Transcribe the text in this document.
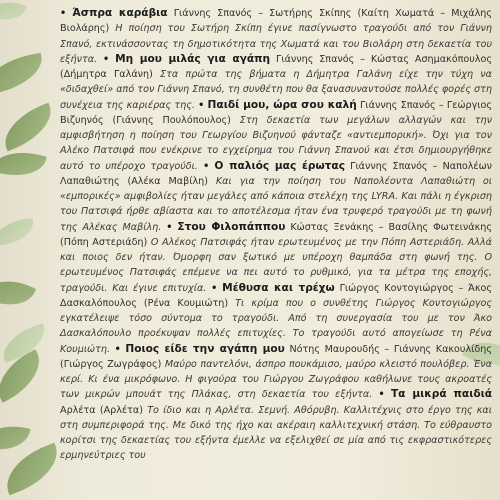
• Άσπρα καράβια Γιάννης Σπανός – Σωτήρης Σκίπης (Καίτη Χωματά – Μιχάλης Βιολάρης) Η ποίηση του Σωτήρη Σκίπη έγινε πασίγνωστο τραγούδι από τον Γιάννη Σπανό, εκτινάσσοντας τη δημοτικότητα της Χωματά και του Βιολάρη στη δεκαετία του εξήντα. • Μη μου μιλάς για αγάπη Γιάννης Σπανός – Κώστας Ασημακόπουλος (Δήμητρα Γαλάνη) Στα πρώτα της βήματα η Δήμητρα Γαλάνη είχε την τύχη να «διδαχθεί» από τον Γιάννη Σπανό, τη συνθέτη που θα ξανασυναντούσε πολλές φορές στη συνέχεια της καριέρας της. • Παιδί μου, ώρα σου καλή Γιάννης Σπανός – Γεώργιος Βιζυηνός (Γιάννης Πουλόπουλος) Στη δεκαετία των μεγάλων αλλαγών και την αμφισβήτηση η ποίηση του Γεωργίου Βιζυηνού φάνταζε «αντιεμπορική». Όχι για τον Αλέκο Πατσιφά που ενέκρινε το εγχείρημα του Γιάννη Σπανού και έτσι δημιουργήθηκε αυτό το υπέροχο τραγούδι. • Ο παλιός μας έρωτας Γιάννης Σπανός – Ναπολέων Λαπαθιώτης (Αλέκα Μαβίλη) Και για την ποίηση του Ναπολέοντα Λαπαθιώτη οι «εμπορικές» αμφιβολίες ήταν μεγάλες από κάποια στελέχη της LYRA. Και πάλι η έγκριση του Πατσιφά ήρθε αβίαστα και το αποτέλεσμα ήταν ένα τρυφερό τραγούδι με τη φωνή της Αλέκας Μαβίλη. • Στου Φιλοπάππου Κώστας Ξενάκης – Βασίλης Φωτεινάκης (Πόπη Αστεριάδη) Ο Αλέκος Πατσιφάς ήταν ερωτευμένος με την Πόπη Αστεριάδη. Αλλά και ποιος δεν ήταν. Όμορφη σαν ξωτικό με υπέροχη θαμπάδα στη φωνή της. Ο ερωτευμένος Πατσιφάς επέμενε να πει αυτό το ρυθμικό, για τα μέτρα της εποχής, τραγούδι. Και έγινε επιτυχία. • Μέθυσα και τρέχω Γιώργος Κοντογιώργος – Άκος Δασκαλόπουλος (Ρένα Κουμιώτη) Τι κρίμα που ο συνθέτης Γιώργος Κοντογιώργος εγκατέλειψε τόσο σύντομα το τραγούδι. Από τη συνεργασία του με τον Άκο Δασκαλόπουλο προέκυψαν πολλές επιτυχίες. Το τραγούδι αυτό απογείωσε τη Ρένα Κουμιώτη. • Ποιος είδε την αγάπη μου Νότης Μαυρουδής – Γιάννης Κακουλίδης (Γιώργος Ζωγράφος) Μαύρο παντελόνι, άσπρο πουκάμισο, μαύρο κλειστό πουλόβερ. Ένα κερί. Κι ένα μικρόφωνο. Η φιγούρα του Γιώργου Ζωγράφου καθήλωνε τους ακροατές των μικρών μπουάτ της Πλάκας, στη δεκαετία του εξήντα. • Τα μικρά παιδιά Αρλέτα (Αρλέτα) Το ίδιο και η Αρλέτα. Σεμνή. Αθόρυβη. Καλλιτέχνις στο έργο της και στη συμπεριφορά της. Με δικό της ήχο και ακέραιη καλλιτεχνική στάση. Το εύθραυστο κορίτσι της δεκαετίας του εξήντα έμελλε να εξελιχθεί σε μία από τις εκφραστικότερες ερμηνεύτριες του
